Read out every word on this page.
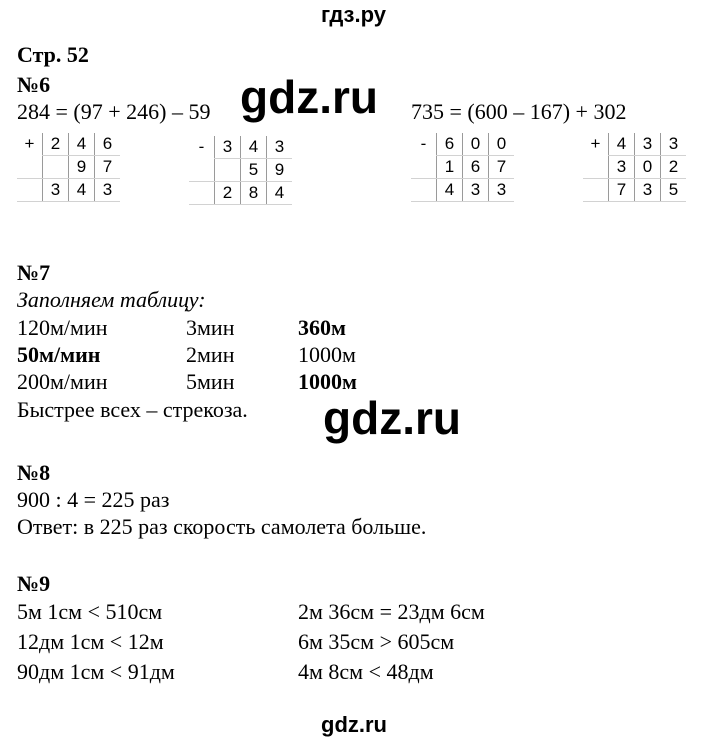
гдз.ру
Стр. 52
№6
284 = (97 + 246) – 59	735 = (600 – 167) + 302
gdz.ru
+	2	4	6
		9	7
	3	4	3
-	3	4	3
		5	9
	2	8	4
-	6	0	0
	1	6	7
	4	3	3
+	4	3	3
	3	0	2
	7	3	5
№7
Заполняем таблицу:
120м/мин	3мин	360м
50м/мин	2мин	1000м
200м/мин	5мин	1000м
Быстрее всех – стрекоза. gdz.ru
№8
900 : 4 = 225 раз
Ответ: в 225 раз скорость самолета больше.
№9
5м 1см < 510см	2м 36см = 23дм 6см
12дм 1см < 12м	6м 35см > 605см
90дм 1см < 91дм	4м 8см < 48дм
gdz.ru
